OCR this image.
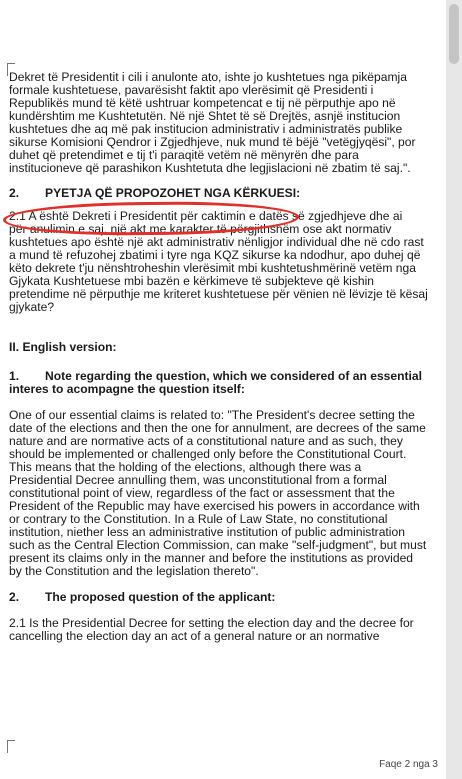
Dekret të Presidentit i cili i anulonte ato, ishte jo kushtetues nga pikëpamja
formale kushtetuese, pavarësisht faktit apo vlerësimit që Presidenti i
Republikës mund të këtë ushtruar kompetencat e tij në përputhje apo në
kundërshtim me Kushtetutën. Në një Shtet të së Drejtës, asnjë institucion
kushtetues dhe aq më pak institucion administrativ i administratës publike
sikurse Komisioni Qendror i Zgjedhjeve, nuk mund të bëjë "vetëgjyqësi", por
duhet që pretendimet e tij t'i paraqitë vetëm në mënyrën dhe para
institucioneve që parashikon Kushtetuta dhe legjislacioni në zbatim të saj.".
2. PYETJA QË PROPOZOHET NGA KËRKUESI:
2.1 A është Dekreti i Presidentit për caktimin e datës së zgjedhjeve dhe ai
për anulimin e saj, një akt me karakter të përgjithshëm ose akt normativ
kushtetues apo është një akt administrativ nënligjor individual dhe në cdo rast
a mund të refuzohej zbatimi i tyre nga KQZ sikurse ka ndodhur, apo duhej që
këto dekrete t'ju nënshtroheshin vlerësimit mbi kushtetushmërinë vetëm nga
Gjykata Kushtetuese mbi bazën e kërkimeve të subjekteve që kishin
pretendime në përputhje me kriteret kushtetuese për vënien në lëvizje të kësaj
gjykate?
II. English version:
1. Note regarding the question, which we considered of an essential
interes to acompagne the question itself:
One of our essential claims is related to: "The President's decree setting the
date of the elections and then the one for annulment, are decrees of the same
nature and are normative acts of a constitutional nature and as such, they
should be implemented or challenged only before the Constitutional Court.
This means that the holding of the elections, although there was a
Presidential Decree annulling them, was unconstitutional from a formal
constitutional point of view, regardless of the fact or assessment that the
President of the Republic may have exercised his powers in accordance with
or contrary to the Constitution. In a Rule of Law State, no constitutional
institution, niether less an administrative institution of public administration
such as the Central Election Commission, can make "self-judgment", but must
present its claims only in the manner and before the institutions as provided
by the Constitution and the legislation thereto".
2. The proposed question of the applicant:
2.1 Is the Presidential Decree for setting the election day and the decree for
cancelling the election day an act of a general nature or an normative
Faqe 2 nga 3
